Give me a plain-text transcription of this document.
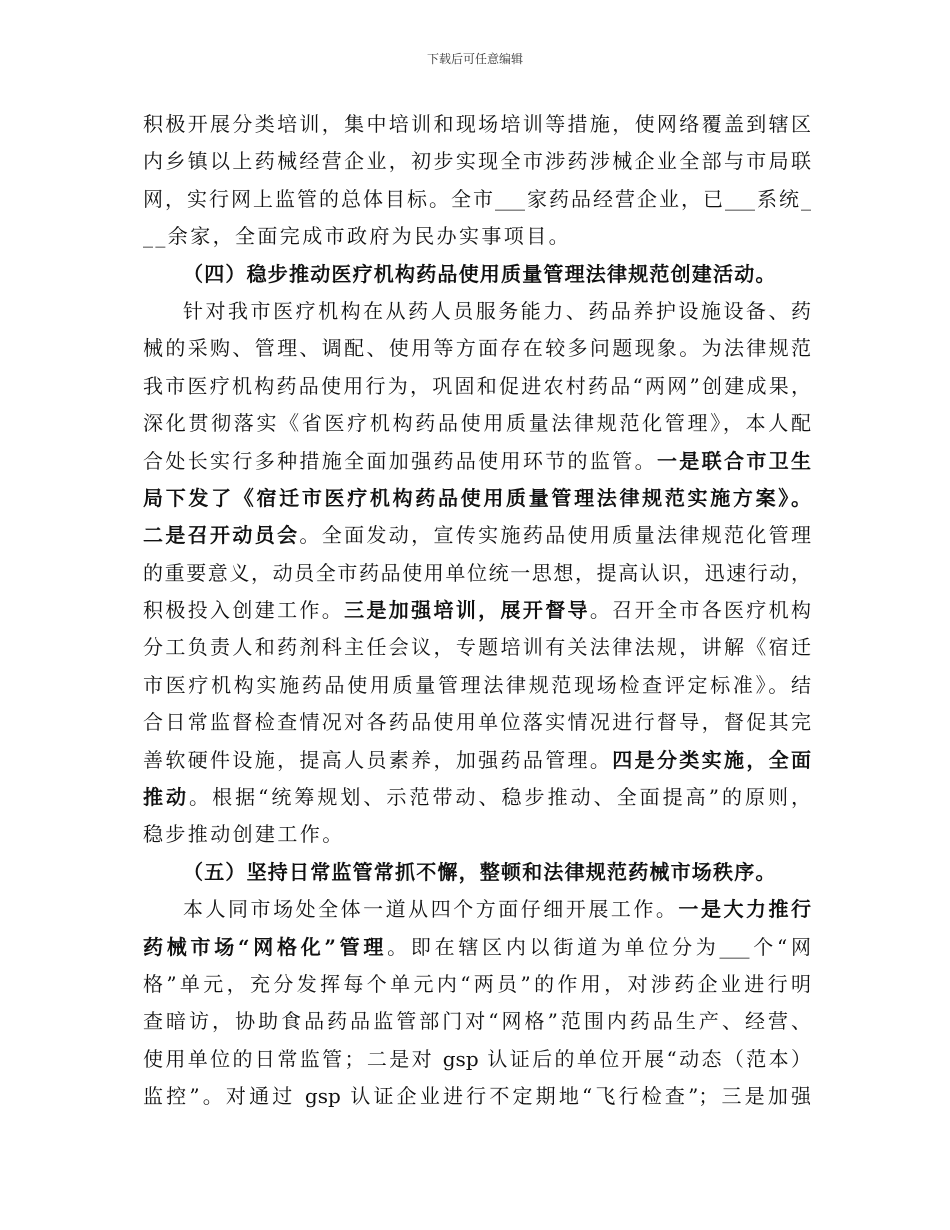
下载后可任意编辑
积极开展分类培训，集中培训和现场培训等措施，使网络覆盖到辖区
内乡镇以上药械经营企业，初步实现全市涉药涉械企业全部与市局联
网，实行网上监管的总体目标。全市___家药品经营企业，已___系统_
__余家，全面完成市政府为民办实事项目。
（四）稳步推动医疗机构药品使用质量管理法律规范创建活动。
针对我市医疗机构在从药人员服务能力、药品养护设施设备、药
械的采购、管理、调配、使用等方面存在较多问题现象。为法律规范
我市医疗机构药品使用行为，巩固和促进农村药品“两网”创建成果，
深化贯彻落实《省医疗机构药品使用质量法律规范化管理》，本人配
合处长实行多种措施全面加强药品使用环节的监管。一是联合市卫生
局下发了《宿迁市医疗机构药品使用质量管理法律规范实施方案》。
二是召开动员会。全面发动，宣传实施药品使用质量法律规范化管理
的重要意义，动员全市药品使用单位统一思想，提高认识，迅速行动，
积极投入创建工作。三是加强培训，展开督导。召开全市各医疗机构
分工负责人和药剂科主任会议，专题培训有关法律法规，讲解《宿迁
市医疗机构实施药品使用质量管理法律规范现场检查评定标准》。结
合日常监督检查情况对各药品使用单位落实情况进行督导，督促其完
善软硬件设施，提高人员素养，加强药品管理。四是分类实施，全面
推动。根据“统筹规划、示范带动、稳步推动、全面提高”的原则，
稳步推动创建工作。
（五）坚持日常监管常抓不懈，整顿和法律规范药械市场秩序。
本人同市场处全体一道从四个方面仔细开展工作。一是大力推行
药械市场“网格化”管理。即在辖区内以街道为单位分为___个“网
格”单元，充分发挥每个单元内“两员”的作用，对涉药企业进行明
查暗访，协助食品药品监管部门对“网格”范围内药品生产、经营、
使用单位的日常监管；二是对 gsp 认证后的单位开展“动态（范本）
监控”。对通过 gsp 认证企业进行不定期地“飞行检查”；三是加强
